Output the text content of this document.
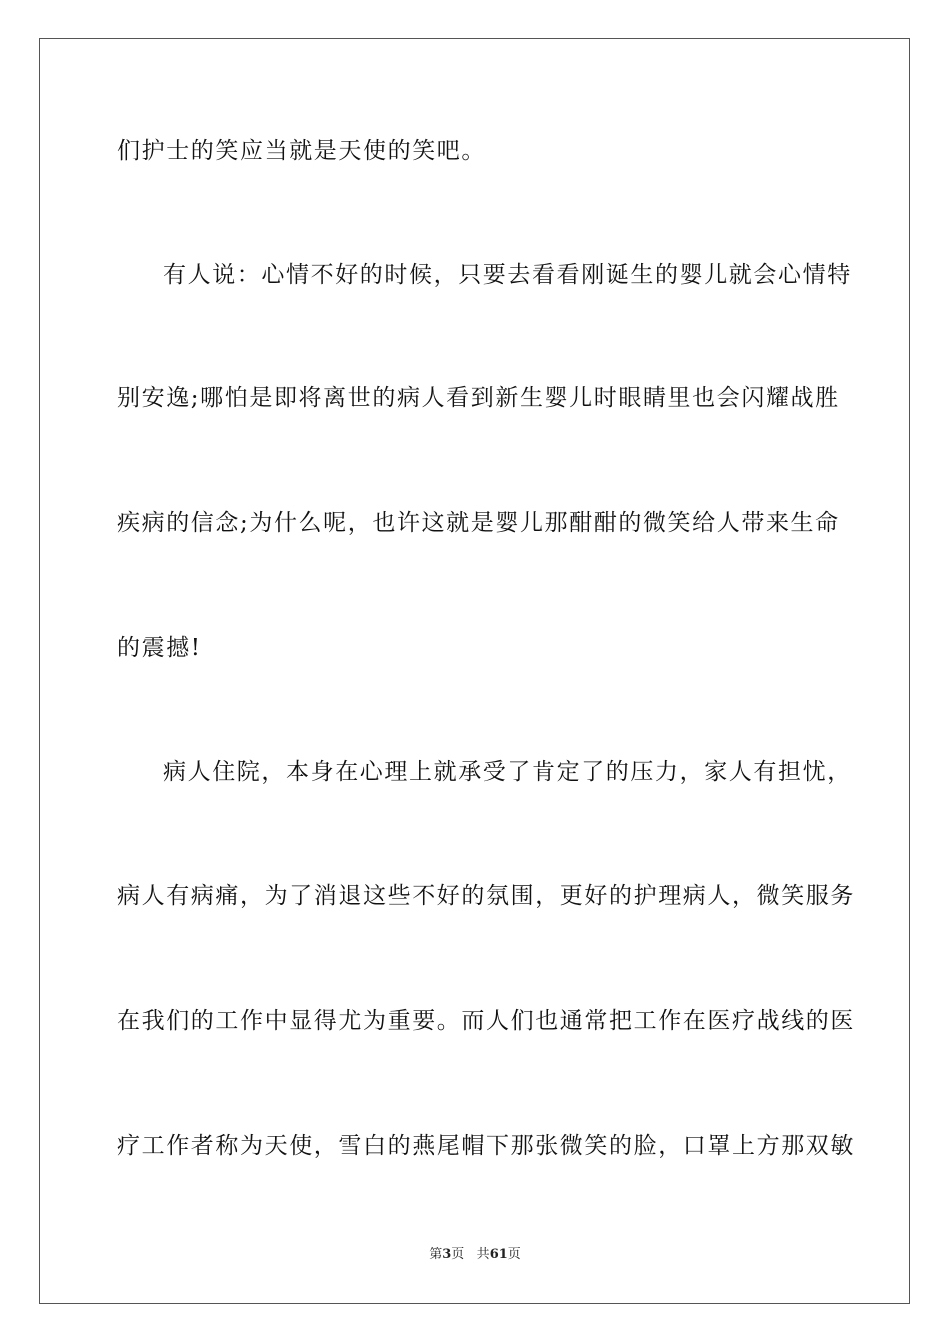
们护士的笑应当就是天使的笑吧。
有人说：心情不好的时候，只要去看看刚诞生的婴儿就会心情特
别安逸;哪怕是即将离世的病人看到新生婴儿时眼睛里也会闪耀战胜
疾病的信念;为什么呢，也许这就是婴儿那酣酣的微笑给人带来生命
的震撼!
病人住院，本身在心理上就承受了肯定了的压力，家人有担忧，
病人有病痛，为了消退这些不好的氛围，更好的护理病人，微笑服务
在我们的工作中显得尤为重要。而人们也通常把工作在医疗战线的医
疗工作者称为天使，雪白的燕尾帽下那张微笑的脸，口罩上方那双敏
第3页 共61页
